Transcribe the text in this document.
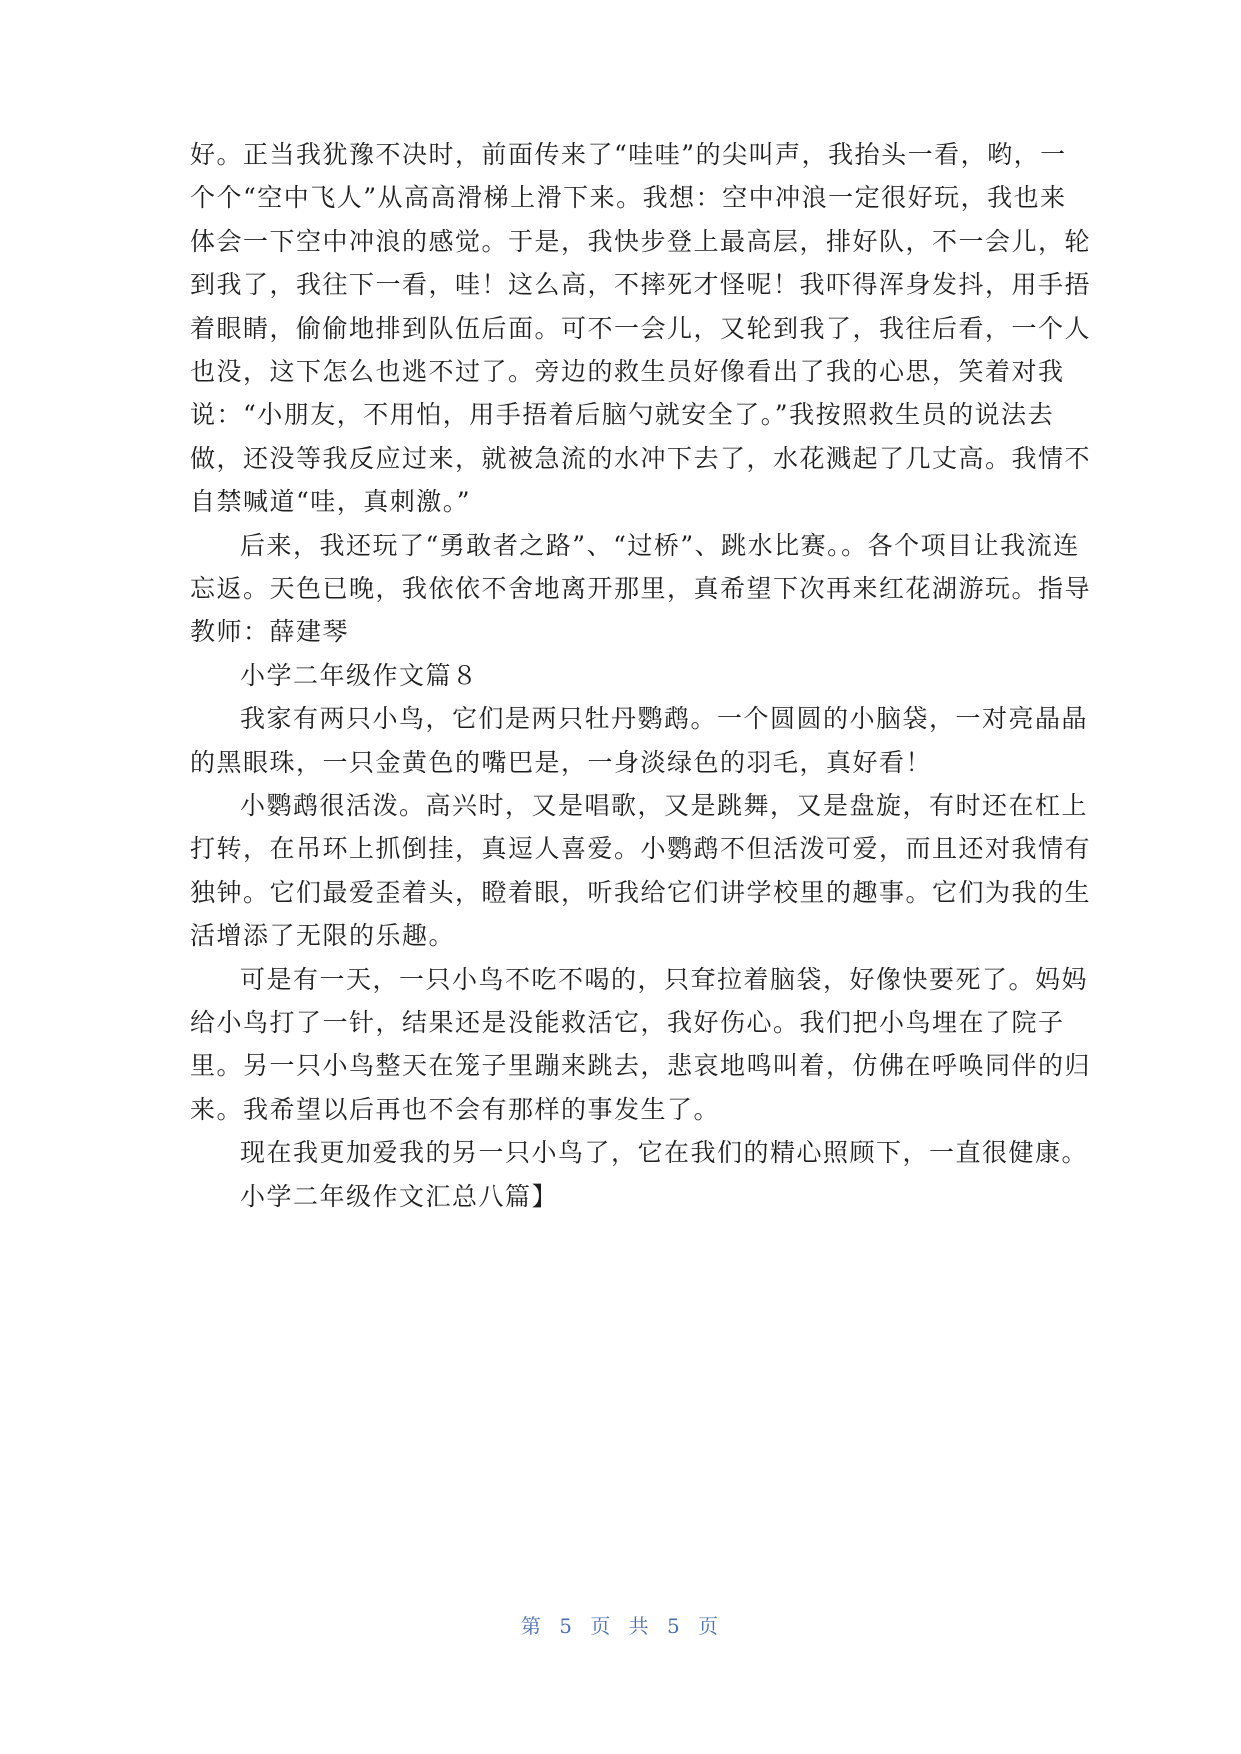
好。正当我犹豫不决时，前面传来了“哇哇”的尖叫声，我抬头一看，哟，一
个个“空中飞人”从高高滑梯上滑下来。我想：空中冲浪一定很好玩，我也来
体会一下空中冲浪的感觉。于是，我快步登上最高层，排好队，不一会儿，轮
到我了，我往下一看，哇！这么高，不摔死才怪呢！我吓得浑身发抖，用手捂
着眼睛，偷偷地排到队伍后面。可不一会儿，又轮到我了，我往后看，一个人
也没，这下怎么也逃不过了。旁边的救生员好像看出了我的心思，笑着对我
说：“小朋友，不用怕，用手捂着后脑勺就安全了。”我按照救生员的说法去
做，还没等我反应过来，就被急流的水冲下去了，水花溅起了几丈高。我情不
自禁喊道“哇，真刺激。”
后来，我还玩了“勇敢者之路”、“过桥”、跳水比赛。。各个项目让我流连
忘返。天色已晚，我依依不舍地离开那里，真希望下次再来红花湖游玩。指导
教师：薛建琴
小学二年级作文篇８
我家有两只小鸟，它们是两只牡丹鹦鹉。一个圆圆的小脑袋，一对亮晶晶
的黑眼珠，一只金黄色的嘴巴是，一身淡绿色的羽毛，真好看！
小鹦鹉很活泼。高兴时，又是唱歌，又是跳舞，又是盘旋，有时还在杠上
打转，在吊环上抓倒挂，真逗人喜爱。小鹦鹉不但活泼可爱，而且还对我情有
独钟。它们最爱歪着头，瞪着眼，听我给它们讲学校里的趣事。它们为我的生
活增添了无限的乐趣。
可是有一天，一只小鸟不吃不喝的，只耷拉着脑袋，好像快要死了。妈妈
给小鸟打了一针，结果还是没能救活它，我好伤心。我们把小鸟埋在了院子
里。另一只小鸟整天在笼子里蹦来跳去，悲哀地鸣叫着，仿佛在呼唤同伴的归
来。我希望以后再也不会有那样的事发生了。
现在我更加爱我的另一只小鸟了，它在我们的精心照顾下，一直很健康。
小学二年级作文汇总八篇】
第 5 页 共 5 页
